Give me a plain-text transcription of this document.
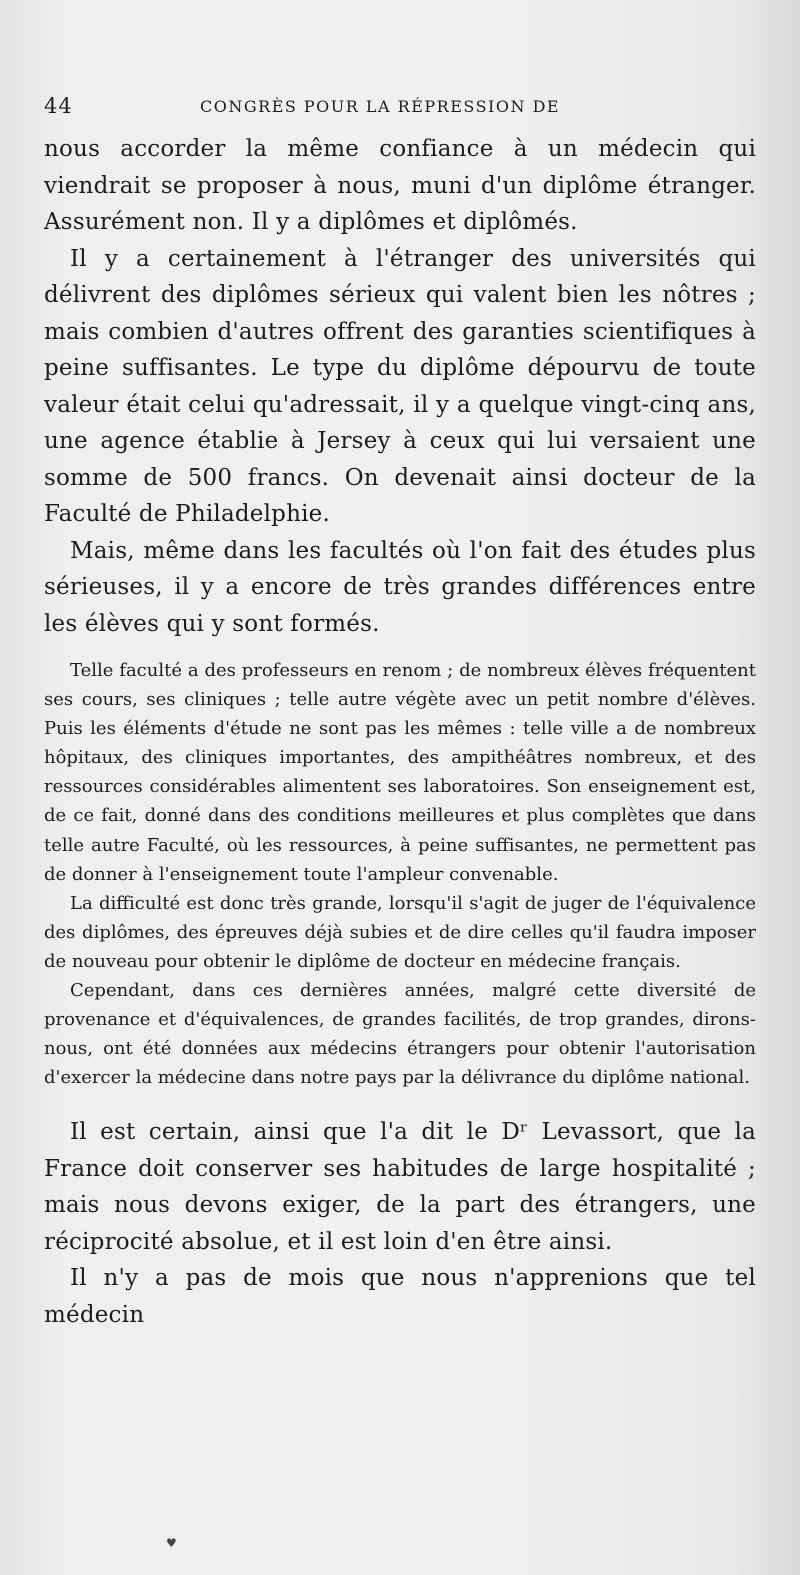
44	CONGRÈS POUR LA RÉPRESSION DE

nous accorder la même confiance à un médecin qui viendrait se proposer à nous, muni d'un diplôme étranger. Assurément non. Il y a diplômes et diplômés.

Il y a certainement à l'étranger des universités qui délivrent des diplômes sérieux qui valent bien les nôtres ; mais combien d'autres offrent des garanties scientifiques à peine suffisantes. Le type du diplôme dépourvu de toute valeur était celui qu'adressait, il y a quelque vingt-cinq ans, une agence établie à Jersey à ceux qui lui versaient une somme de 500 francs. On devenait ainsi docteur de la Faculté de Philadelphie.

Mais, même dans les facultés où l'on fait des études plus sérieuses, il y a encore de très grandes différences entre les élèves qui y sont formés.

Telle faculté a des professeurs en renom ; de nombreux élèves fréquentent ses cours, ses cliniques ; telle autre végète avec un petit nombre d'élèves. Puis les éléments d'étude ne sont pas les mêmes : telle ville a de nombreux hôpitaux, des cliniques importantes, des ampithéâtres nombreux, et des ressources considérables alimentent ses laboratoires. Son enseignement est, de ce fait, donné dans des conditions meilleures et plus complètes que dans telle autre Faculté, où les ressources, à peine suffisantes, ne permettent pas de donner à l'enseignement toute l'ampleur convenable.

La difficulté est donc très grande, lorsqu'il s'agit de juger de l'équivalence des diplômes, des épreuves déjà subies et de dire celles qu'il faudra imposer de nouveau pour obtenir le diplôme de docteur en médecine français.

Cependant, dans ces dernières années, malgré cette diversité de provenance et d'équivalences, de grandes facilités, de trop grandes, dirons-nous, ont été données aux médecins étrangers pour obtenir l'autorisation d'exercer la médecine dans notre pays par la délivrance du diplôme national.

Il est certain, ainsi que l'a dit le Dʳ Levassort, que la France doit conserver ses habitudes de large hospitalité ; mais nous devons exiger, de la part des étrangers, une réciprocité absolue, et il est loin d'en être ainsi.

Il n'y a pas de mois que nous n'apprenions que tel médecin

♥
